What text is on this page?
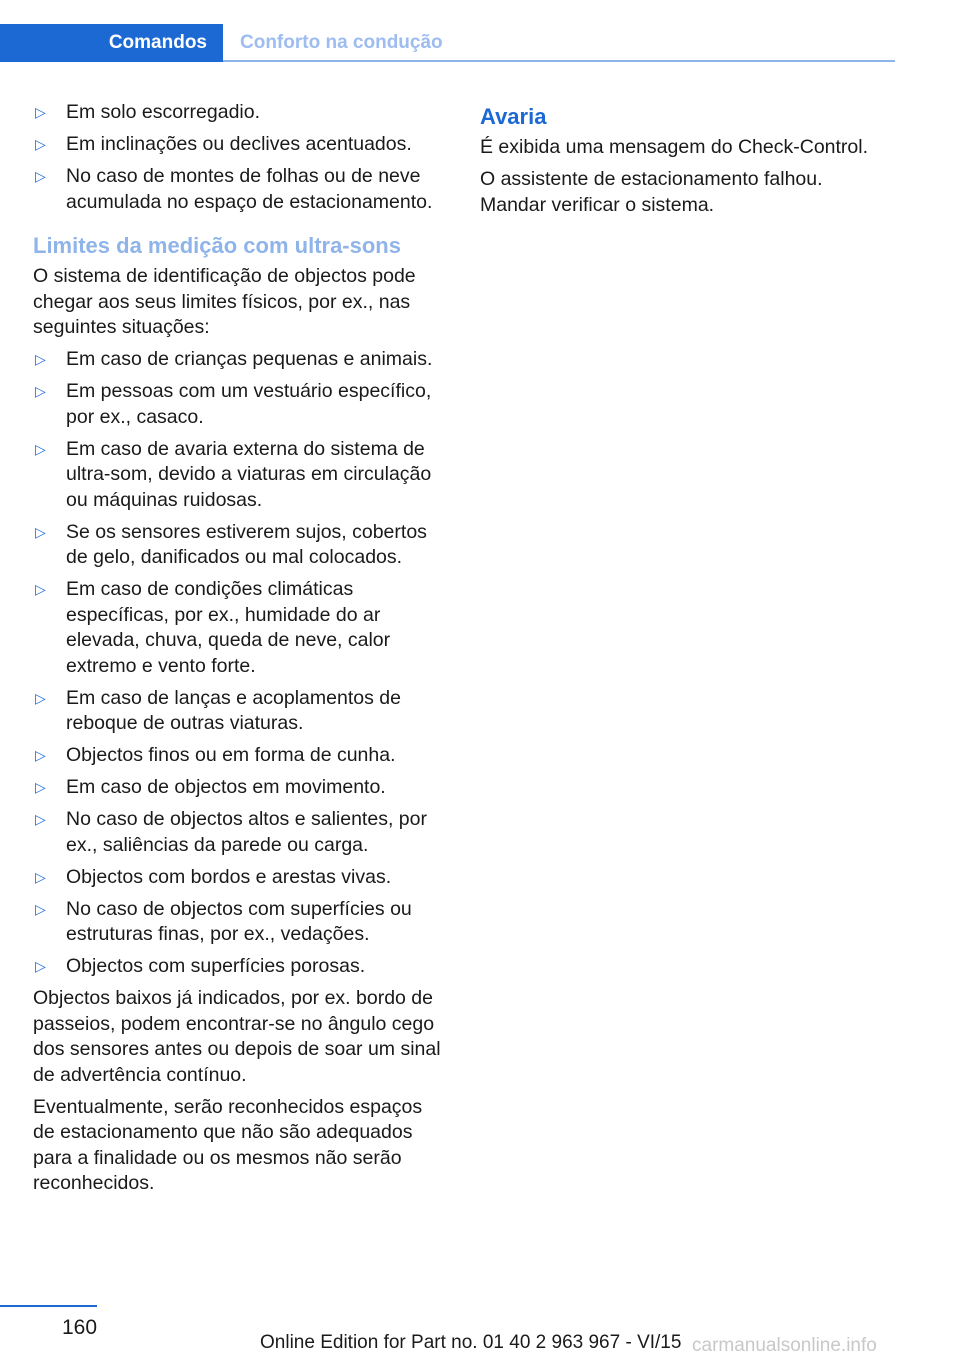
Comandos	Conforto na condução
▷ Em solo escorregadio.
▷ Em inclinações ou declives acentuados.
▷ No caso de montes de folhas ou de neve acumulada no espaço de estacionamento.
Limites da medição com ultra-sons

O sistema de identificação de objectos pode chegar aos seus limites físicos, por ex., nas seguintes situações:

▷ Em caso de crianças pequenas e animais.
▷ Em pessoas com um vestuário específico, por ex., casaco.
▷ Em caso de avaria externa do sistema de ultra-som, devido a viaturas em circulação ou máquinas ruidosas.
▷ Se os sensores estiverem sujos, cobertos de gelo, danificados ou mal colocados.
▷ Em caso de condições climáticas específicas, por ex., humidade do ar elevada, chuva, queda de neve, calor extremo e vento forte.
▷ Em caso de lanças e acoplamentos de reboque de outras viaturas.
▷ Objectos finos ou em forma de cunha.
▷ Em caso de objectos em movimento.
▷ No caso de objectos altos e salientes, por ex., saliências da parede ou carga.
▷ Objectos com bordos e arestas vivas.
▷ No caso de objectos com superfícies ou estruturas finas, por ex., vedações.
▷ Objectos com superfícies porosas.

Objectos baixos já indicados, por ex. bordo de passeios, podem encontrar-se no ângulo cego dos sensores antes ou depois de soar um sinal de advertência contínuo.

Eventualmente, serão reconhecidos espaços de estacionamento que não são adequados para a finalidade ou os mesmos não serão reconhecidos.

Avaria

É exibida uma mensagem do Check-Control.

O assistente de estacionamento falhou. Mandar verificar o sistema.

160
Online Edition for Part no. 01 40 2 963 967 - VI/15 carmanualsonline.info
